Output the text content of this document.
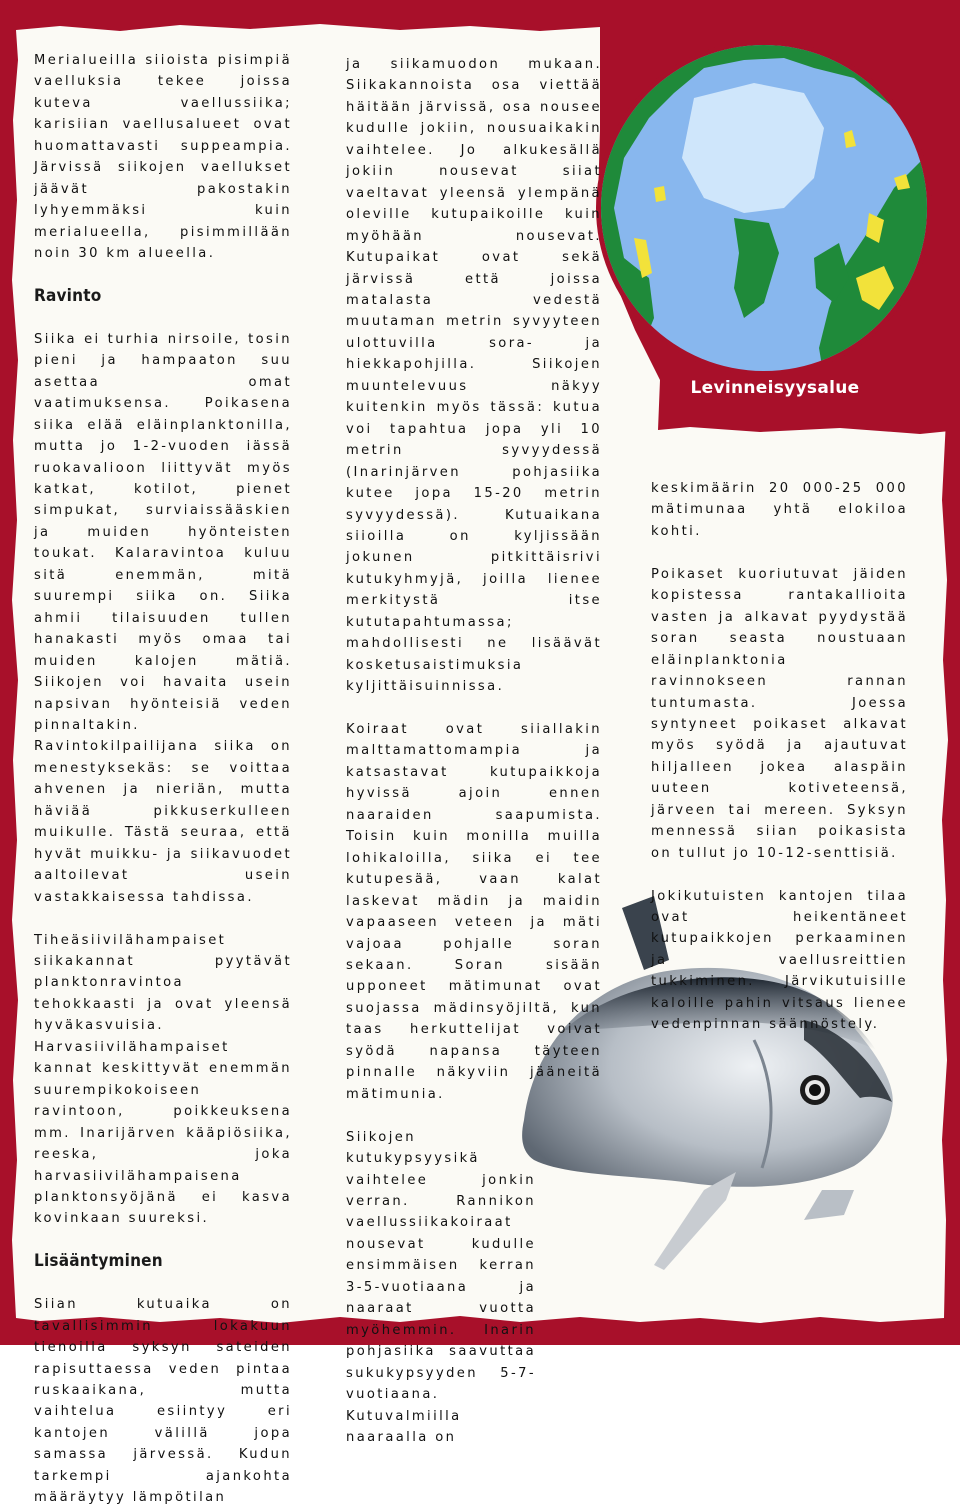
Levinneisyysalue

Merialueilla siioista pisimpiä vaelluksia tekee joissa kuteva vaellussiika; karisiian vaellusalueet ovat huomattavasti suppeampia. Järvissä siikojen vaellukset jäävät pakostakin lyhyemmäksi kuin merialueella, pisimmillään noin 30 km alueella.

Ravinto

Siika ei turhia nirsoile, tosin pieni ja hampaaton suu asettaa omat vaatimuksensa. Poikasena siika elää eläinplanktonilla, mutta jo 1-2-vuoden iässä ruokavalioon liittyvät myös katkat, kotilot, pienet simpukat, surviaissääskien ja muiden hyönteisten toukat. Kalaravintoa kuluu sitä enemmän, mitä suurempi siika on. Siika ahmii tilaisuuden tullen hanakasti myös omaa tai muiden kalojen mätiä. Siikojen voi havaita usein napsivan hyönteisiä veden pinnaltakin. Ravintokilpailijana siika on menestyksekäs: se voittaa ahvenen ja nieriän, mutta häviää pikkuserkulleen muikulle. Tästä seuraa, että hyvät muikku- ja siikavuodet aaltoilevat usein vastakkaisessa tahdissa.

Tiheäsiivilähampaiset siikakannat pyytävät planktonravintoa tehokkaasti ja ovat yleensä hyväkasvuisia. Harvasiivilähampaiset kannat keskittyvät enemmän suurempikokoiseen ravintoon, poikkeuksena mm. Inarijärven kääpiösiika, reeska, joka harvasiivilähampaisena planktonsyöjänä ei kasva kovinkaan suureksi.

Lisääntyminen

Siian kutuaika on tavallisimmin lokakuun tienoilla syksyn sateiden rapisuttaessa veden pintaa ruskaaikana, mutta vaihtelua esiintyy eri kantojen välillä jopa samassa järvessä. Kudun tarkempi ajankohta määräytyy lämpötilan

ja siikamuodon mukaan. Siikakannoista osa viettää häitään järvissä, osa nousee kudulle jokiin, nousuaikakin vaihtelee. Jo alkukesällä jokiin nousevat siiat vaeltavat yleensä ylempänä oleville kutupaikoille kuin myöhään nousevat. Kutupaikat ovat sekä järvissä että joissa matalasta vedestä muutaman metrin syvyyteen ulottuvilla sora- ja hiekkapohjilla. Siikojen muuntelevuus näkyy kuitenkin myös tässä: kutua voi tapahtua jopa yli 10 metrin syvyydessä (Inarinjärven pohjasiika kutee jopa 15-20 metrin syvyydessä). Kutuaikana siioilla on kyljissään jokunen pitkittäisrivi kutukyhmyjä, joilla lienee merkitystä itse kututapahtumassa; mahdollisesti ne lisäävät kosketusaistimuksia kyljittäisuinnissa.

Koiraat ovat siiallakin malttamattomampia ja katsastavat kutupaikkoja hyvissä ajoin ennen naaraiden saapumista. Toisin kuin monilla muilla lohikaloilla, siika ei tee kutupesää, vaan kalat laskevat mädin ja maidin vapaaseen veteen ja mäti vajoaa pohjalle soran sekaan. Soran sisään upponeet mätimunat ovat suojassa mädinsyöjiltä, kun taas herkuttelijat voivat syödä napansa täyteen pinnalle näkyviin jääneitä mätimunia.

Siikojen kutukypsyysikä vaihtelee jonkin verran. Rannikon vaellussiikakoiraat nousevat kudulle ensimmäisen kerran 3-5-vuotiaana ja naaraat vuotta myöhemmin. Inarin pohjasiika saavuttaa sukukypsyyden 5-7-vuotiaana. Kutuvalmiilla naaraalla on

keskimäärin 20 000-25 000 mätimunaa yhtä elokiloa kohti.

Poikaset kuoriutuvat jäiden kopistessa rantakallioita vasten ja alkavat pyydystää soran seasta noustuaan eläinplanktonia ravinnokseen rannan tuntumasta. Joessa syntyneet poikaset alkavat myös syödä ja ajautuvat hiljalleen jokea alaspäin uuteen kotiveteensä, järveen tai mereen. Syksyn mennessä siian poikasista on tullut jo 10-12-senttisiä.

Jokikutuisten kantojen tilaa ovat heikentäneet kutupaikkojen perkaaminen ja vaellusreittien tukkiminen. Järvikutuisille kaloille pahin vitsaus lienee vedenpinnan säännöstely.
